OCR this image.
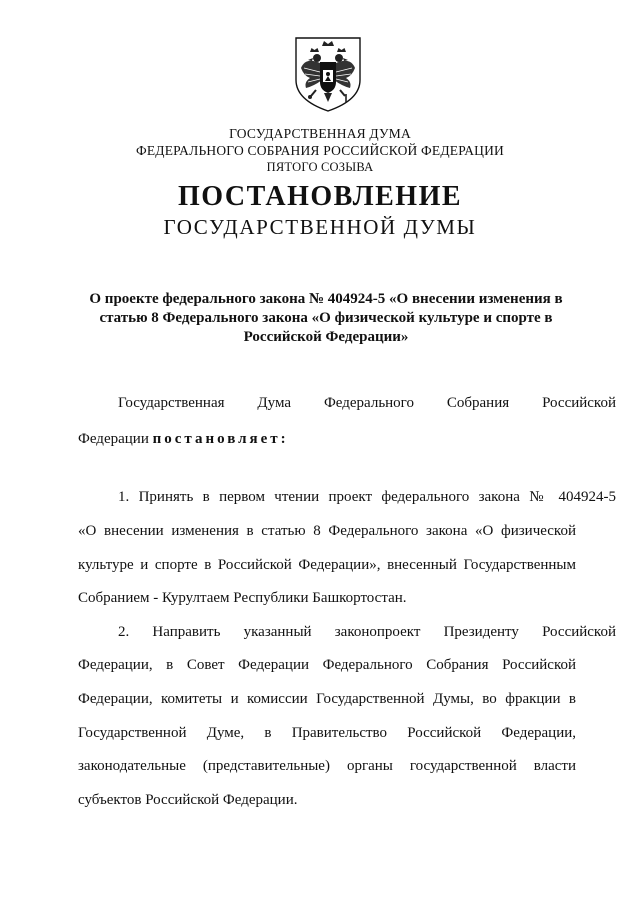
ГОСУДАРСТВЕННАЯ ДУМА
ФЕДЕРАЛЬНОГО СОБРАНИЯ РОССИЙСКОЙ ФЕДЕРАЦИИ
ПЯТОГО СОЗЫВА
ПОСТАНОВЛЕНИЕ
ГОСУДАРСТВЕННОЙ ДУМЫ
О проекте федерального закона № 404924-5 «О внесении изменения в
статью 8 Федерального закона «О физической культуре и спорте в
Российской Федерации»
Государственная Дума Федерального Собрания Российской
Федерации постановляет:
1. Принять в первом чтении проект федерального закона № 404924-5
«О внесении изменения в статью 8 Федерального закона «О физической
культуре и спорте в Российской Федерации», внесенный Государственным
Собранием - Курултаем Республики Башкортостан.
2. Направить указанный законопроект Президенту Российской
Федерации, в Совет Федерации Федерального Собрания Российской
Федерации, комитеты и комиссии Государственной Думы, во фракции в
Государственной Думе, в Правительство Российской Федерации,
законодательные (представительные) органы государственной власти
субъектов Российской Федерации.
